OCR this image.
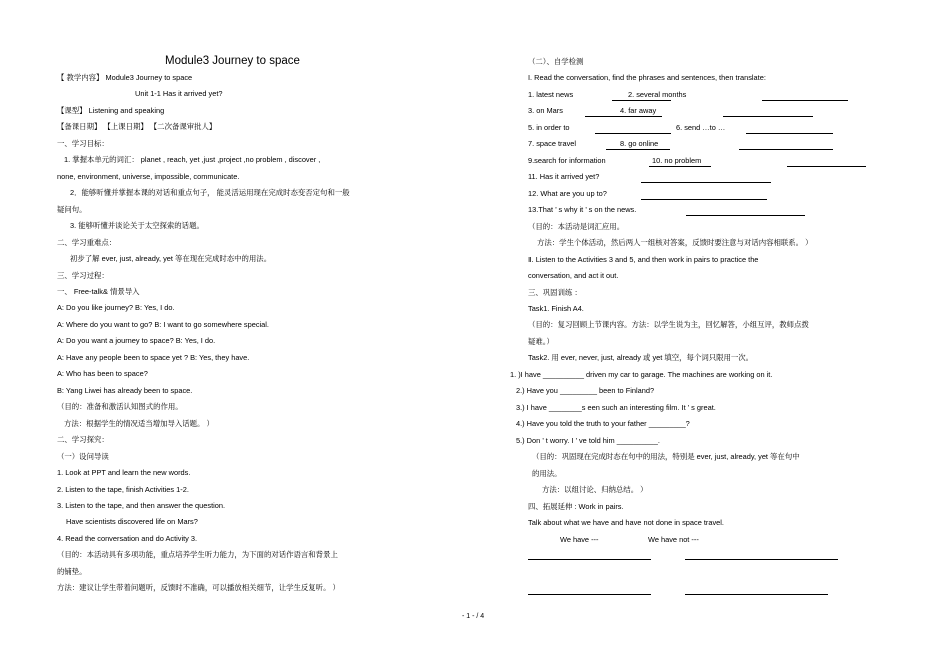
Module3 Journey to space
【 教学内容】 Module3 Journey to space
Unit 1-1 Has it arrived yet?
【课型】 Listening and speaking
【备课日期】 【上课日期】 【二次备课审批人】
一、学习目标：
1. 掌握本单元的词汇： planet , reach, yet ,just ,project ,no problem , discover ,
none, environment, universe, impossible, communicate.
2．能够听懂并掌握本课的对话和重点句子， 能灵活运用现在完成时态变否定句和一般
疑问句。
3. 能够听懂并谈论关于太空探索的话题。
二、学习重难点：
初步了解 ever, just, already, yet 等在现在完成时态中的用法。
三、学习过程：
一、 Free-talk& 情景导入
A: Do you like journey? B: Yes, I do.
A: Where do you want to go? B: I want to go somewhere special.
A: Do you want a journey to space? B: Yes, I do.
A: Have any people been to space yet ? B: Yes, they have.
A: Who has been to space?
B: Yang Liwei has already been to space.
（目的：准备和激活认知图式的作用。
方法：根据学生的情况适当增加导入话题。 ）
二、学习探究：
（一）设问导读
1. Look at PPT and learn the new words.
2. Listen to the tape, finish Activities 1-2.
3. Listen to the tape, and then answer the question.
Have scientists discovered life on Mars?
4. Read the conversation and do Activity 3.
（目的：本活动具有多项功能，重点培养学生听力能力，为下面的对话作语言和背景上
的铺垫。
方法：建议让学生带着问题听，反馈时不准确，可以播放相关细节，让学生反复听。 ）
（二）、自学检测
I. Read the conversation, find the phrases and sentences, then translate:
1. latest news	2. several months
3. on Mars	4. far away
5. in order to	6. send …to …
7. space travel	8. go online
9.search for information	10. no problem
11. Has it arrived yet?
12. What are you up to?
13.That ’ s why it ’ s on the news.
（目的：本活动是词汇应用。
方法：学生个体活动，然后两人一组核对答案，反馈时要注意与对话内容相联系。 ）
Ⅱ. Listen to the Activities 3 and 5, and then work in pairs to practice the
conversation, and act it out.
三、巩固训练 ：
Task1. Finish A4.
（目的：复习回顾上节课内容。方法：以学生说为主，回忆解答，小组互评，教师点拨
疑难。）
Task2. 用 ever, never, just, already 或 yet 填空，每个词只限用一次。
1. )I have __________ driven my car to garage. The machines are working on it.
2.) Have you _________ been to Finland?
3.) I have ________s een such an interesting film. It ’ s great.
4.) Have you told the truth to your father _________?
5.) Don ’ t worry. I ’ ve told him __________.
（目的：巩固现在完成时态在句中的用法，特别是 ever, just, already, yet 等在句中
的用法。
方法：以组讨论、归纳总结。 ）
四、拓展延伸 : Work in pairs.
Talk about what we have and have not done in space travel.
We have ---	We have not ---
- 1 - / 4
